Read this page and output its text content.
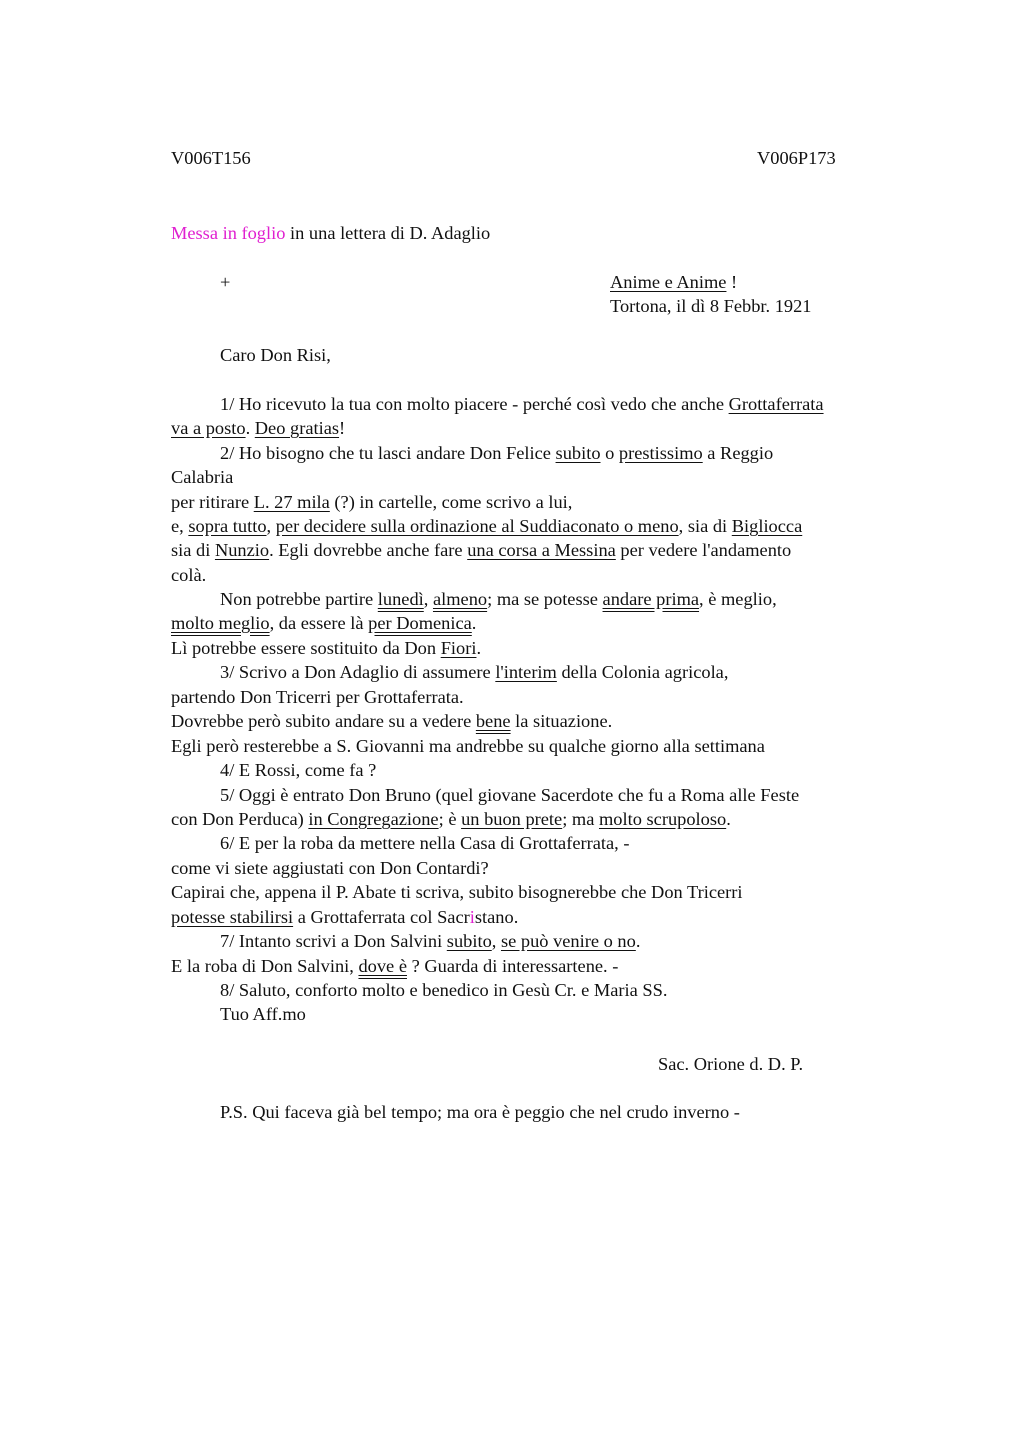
V006T156	V006P173
Messa in foglio in una lettera di D. Adaglio
+	Anime e Anime !
Tortona, il dì 8 Febbr. 1921
Caro Don Risi,
1/ Ho ricevuto la tua con molto piacere - perché così vedo che anche Grottaferrata
va a posto. Deo gratias!
2/ Ho bisogno che tu lasci andare Don Felice subito o prestissimo a Reggio
Calabria
per ritirare L. 27 mila (?) in cartelle, come scrivo a lui,
e, sopra tutto, per decidere sulla ordinazione al Suddiaconato o meno, sia di Bigliocca
sia di Nunzio. Egli dovrebbe anche fare una corsa a Messina per vedere l'andamento
colà.
Non potrebbe partire lunedì, almeno; ma se potesse andare prima, è meglio,
molto meglio, da essere là per Domenica.
Lì potrebbe essere sostituito da Don Fiori.
3/ Scrivo a Don Adaglio di assumere l'interim della Colonia agricola,
partendo Don Tricerri per Grottaferrata.
Dovrebbe però subito andare su a vedere bene la situazione.
Egli però resterebbe a S. Giovanni ma andrebbe su qualche giorno alla settimana
4/ E Rossi, come fa ?
5/ Oggi è entrato Don Bruno (quel giovane Sacerdote che fu a Roma alle Feste
con Don Perduca) in Congregazione; è un buon prete; ma molto scrupoloso.
6/ E per la roba da mettere nella Casa di Grottaferrata, -
come vi siete aggiustati con Don Contardi?
Capirai che, appena il P. Abate ti scriva, subito bisognerebbe che Don Tricerri
potesse stabilirsi a Grottaferrata col Sacristano.
7/ Intanto scrivi a Don Salvini subito, se può venire o no.
E la roba di Don Salvini, dove è ? Guarda di interessartene. -
8/ Saluto, conforto molto e benedico in Gesù Cr. e Maria SS.
Tuo Aff.mo
Sac. Orione d. D. P.
P.S. Qui faceva già bel tempo; ma ora è peggio che nel crudo inverno -
